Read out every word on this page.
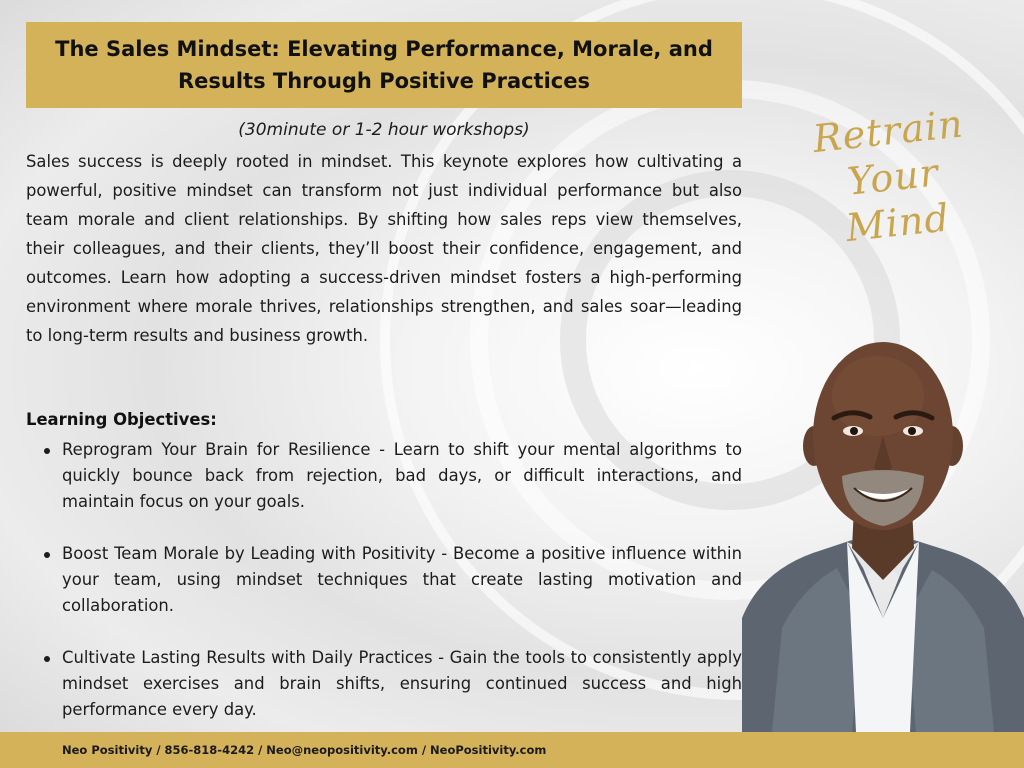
The Sales Mindset: Elevating Performance, Morale, and Results Through Positive Practices
(30minute or 1-2 hour workshops)

Sales success is deeply rooted in mindset. This keynote explores how cultivating a powerful, positive mindset can transform not just individual performance but also team morale and client relationships. By shifting how sales reps view themselves, their colleagues, and their clients, they’ll boost their confidence, engagement, and outcomes. Learn how adopting a success-driven mindset fosters a high-performing environment where morale thrives, relationships strengthen, and sales soar—leading to long-term results and business growth.

Learning Objectives:
Reprogram Your Brain for Resilience - Learn to shift your mental algorithms to quickly bounce back from rejection, bad days, or difficult interactions, and maintain focus on your goals.
Boost Team Morale by Leading with Positivity - Become a positive influence within your team, using mindset techniques that create lasting motivation and collaboration.
Cultivate Lasting Results with Daily Practices - Gain the tools to consistently apply mindset exercises and brain shifts, ensuring continued success and high performance every day.
Retrain
Your
Mind
Neo Positivity / 856-818-4242 / Neo@neopositivity.com / NeoPositivity.com
